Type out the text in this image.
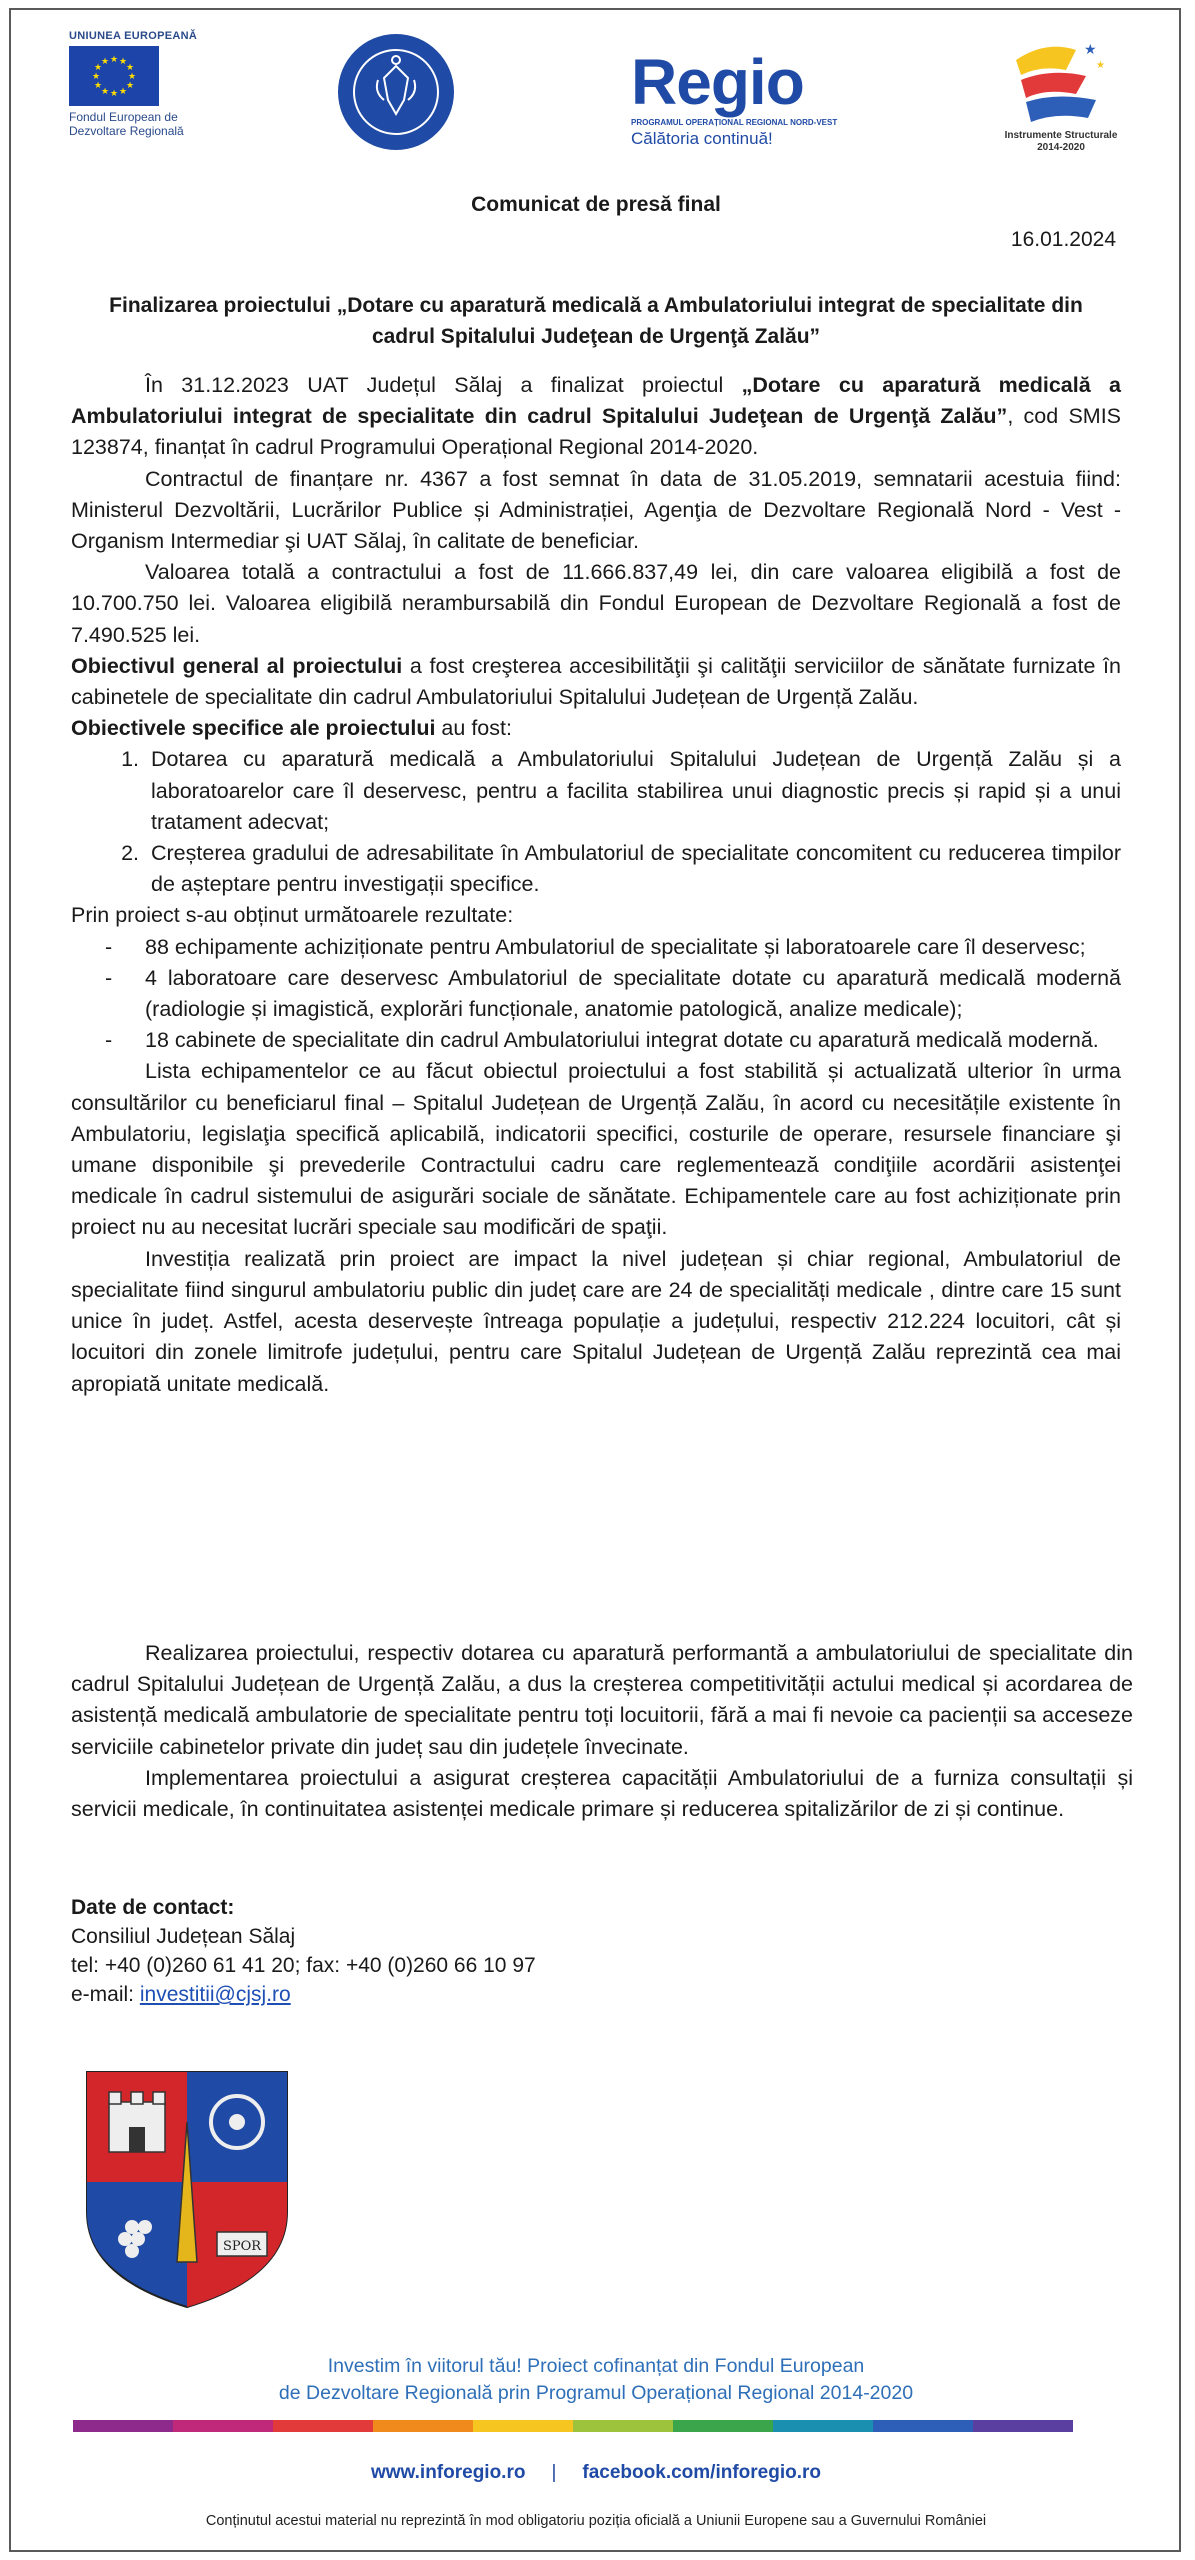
UNIUNEA EUROPEANĂ
★ ★
★
★
★
★
★
★
★
★
★
★
Fondul European de
Dezvoltare Regională
Regio
PROGRAMUL OPERAȚIONAL REGIONAL NORD-VEST
Călătoria continuă!
★
★
Instrumente Structurale
2014-2020
Comunicat de presă final
16.01.2024
Finalizarea proiectului „Dotare cu aparatură medicală a Ambulatoriului integrat de specialitate din cadrul Spitalului Judeţean de Urgenţă Zalău”

În 31.12.2023 UAT Județul Sălaj a finalizat proiectul „Dotare cu aparatură medicală a Ambulatoriului integrat de specialitate din cadrul Spitalului Judeţean de Urgenţă Zalău”, cod SMIS 123874, finanțat în cadrul Programului Operațional Regional 2014-2020.

Contractul de finanțare nr. 4367 a fost semnat în data de 31.05.2019, semnatarii acestuia fiind: Ministerul Dezvoltării, Lucrărilor Publice și Administrației, Agenţia de Dezvoltare Regională Nord - Vest - Organism Intermediar şi UAT Sălaj, în calitate de beneficiar.

Valoarea totală a contractului a fost de 11.666.837,49 lei, din care valoarea eligibilă a fost de 10.700.750 lei. Valoarea eligibilă nerambursabilă din Fondul European de Dezvoltare Regională a fost de 7.490.525 lei.

Obiectivul general al proiectului a fost creşterea accesibilităţii şi calităţii serviciilor de sănătate furnizate în cabinetele de specialitate din cadrul Ambulatoriului Spitalului Județean de Urgență Zalău.

Obiectivele specifice ale proiectului au fost:

1. Dotarea cu aparatură medicală a Ambulatoriului Spitalului Județean de Urgență Zalău și a laboratoarelor care îl deservesc, pentru a facilita stabilirea unui diagnostic precis și rapid și a unui tratament adecvat;
2. Creșterea gradului de adresabilitate în Ambulatoriul de specialitate concomitent cu reducerea timpilor de așteptare pentru investigații specifice.

Prin proiect s-au obținut următoarele rezultate:

- 88 echipamente achiziționate pentru Ambulatoriul de specialitate și laboratoarele care îl deservesc;
- 4 laboratoare care deservesc Ambulatoriul de specialitate dotate cu aparatură medicală modernă (radiologie și imagistică, explorări funcționale, anatomie patologică, analize medicale);
- 18 cabinete de specialitate din cadrul Ambulatoriului integrat dotate cu aparatură medicală modernă.

Lista echipamentelor ce au făcut obiectul proiectului a fost stabilită și actualizată ulterior în urma consultărilor cu beneficiarul final – Spitalul Județean de Urgență Zalău, în acord cu necesitățile existente în Ambulatoriu, legislaţia specifică aplicabilă, indicatorii specifici, costurile de operare, resursele financiare şi umane disponibile şi prevederile Contractului cadru care reglementează condiţiile acordării asistenţei medicale în cadrul sistemului de asigurări sociale de sănătate. Echipamentele care au fost achiziționate prin proiect nu au necesitat lucrări speciale sau modificări de spaţii.

Investiția realizată prin proiect are impact la nivel județean și chiar regional, Ambulatoriul de specialitate fiind singurul ambulatoriu public din județ care are 24 de specialități medicale , dintre care 15 sunt unice în județ. Astfel, acesta deservește întreaga populație a județului, respectiv 212.224 locuitori, cât și locuitori din zonele limitrofe județului, pentru care Spitalul Județean de Urgență Zalău reprezintă cea mai apropiată unitate medicală.

Realizarea proiectului, respectiv dotarea cu aparatură performantă a ambulatoriului de specialitate din cadrul Spitalului Județean de Urgență Zalău, a dus la creșterea competitivității actului medical și acordarea de asistență medicală ambulatorie de specialitate pentru toți locuitorii, fără a mai fi nevoie ca pacienții sa acceseze serviciile cabinetelor private din județ sau din județele învecinate.

Implementarea proiectului a asigurat creșterea capacității Ambulatoriului de a furniza consultații și servicii medicale, în continuitatea asistenței medicale primare și reducerea spitalizărilor de zi și continue.

Date de contact:
Consiliul Județean Sălaj
tel: +40 (0)260 61 41 20; fax: +40 (0)260 66 10 97
e-mail: investitii@cjsj.ro
SPOR
Investim în viitorul tău! Proiect cofinanțat din Fondul European
de Dezvoltare Regională prin Programul Operațional Regional 2014-2020
www.inforegio.ro | facebook.com/inforegio.ro
Conținutul acestui material nu reprezintă în mod obligatoriu poziția oficială a Uniunii Europene sau a Guvernului României
